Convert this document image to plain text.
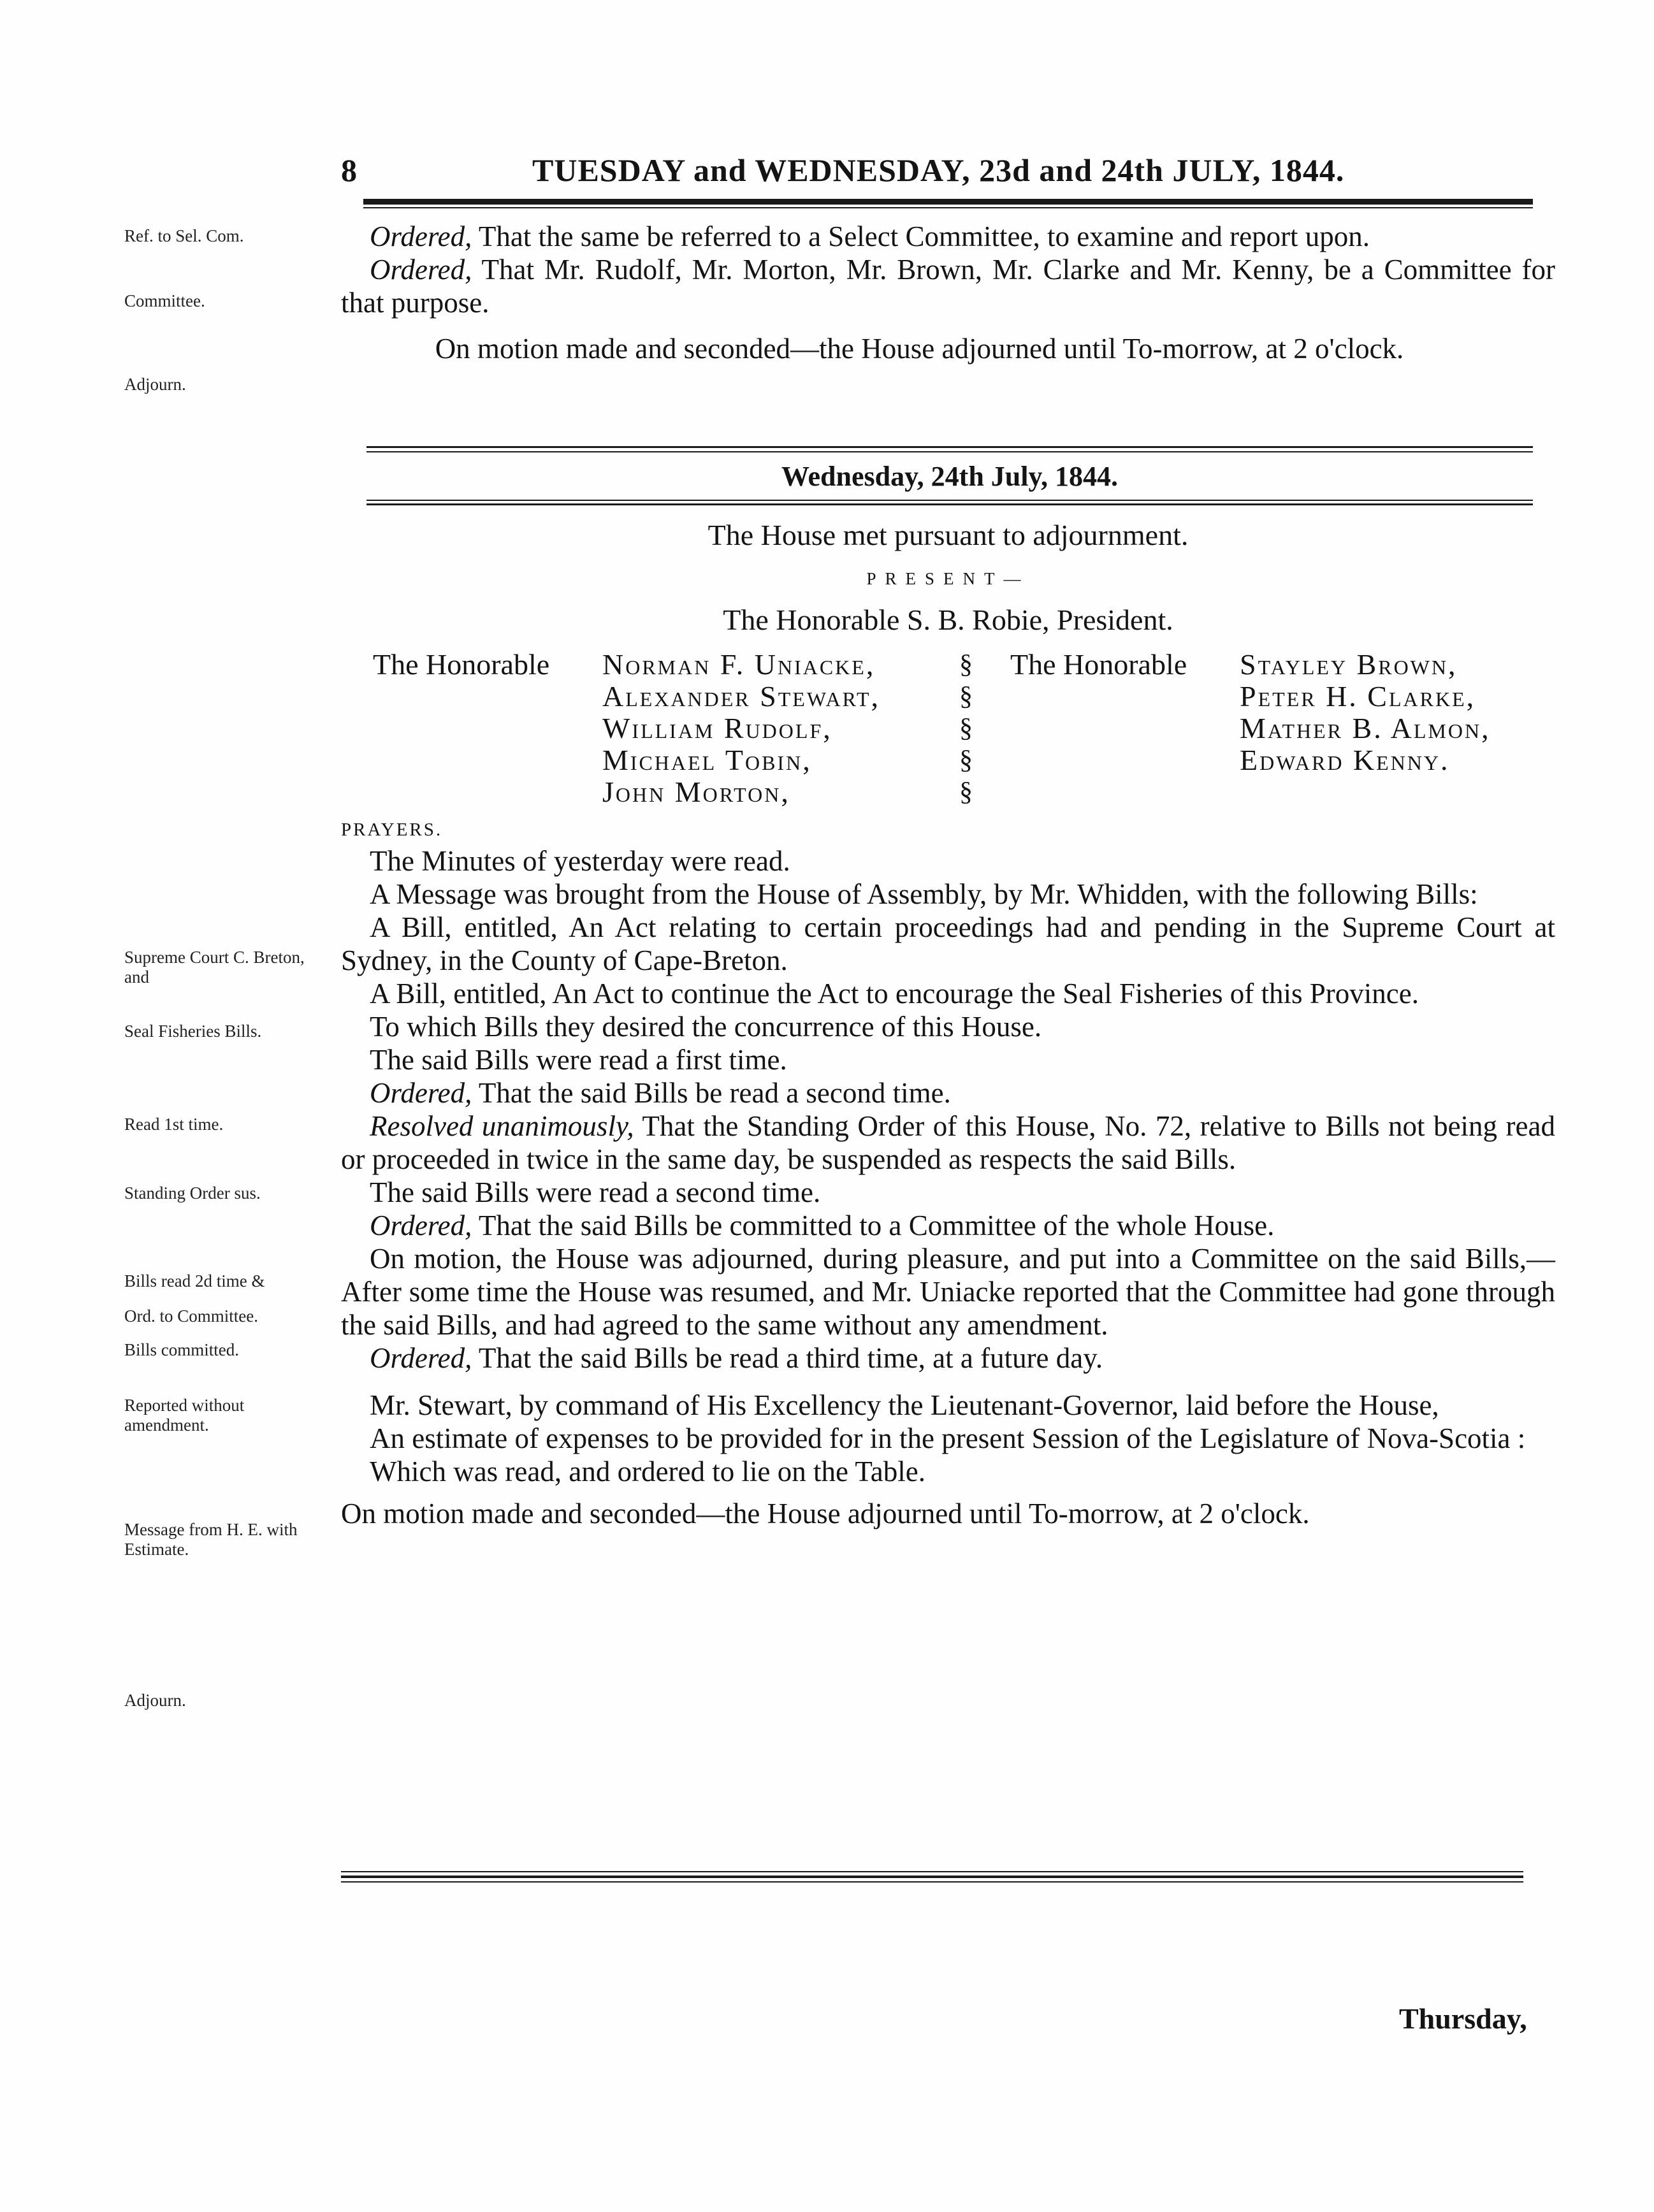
8	TUESDAY and WEDNESDAY, 23d and 24th JULY, 1844.
Ref. to Sel. Com.
Committee.
Adjourn.
Supreme Court C. Breton, and
Seal Fisheries Bills.
Read 1st time.
Standing Order sus.
Bills read 2d time &
Ord. to Committee.
Bills committed.
Reported without amendment.
Message from H. E. with Estimate.
Adjourn.

Ordered, That the same be referred to a Select Committee, to examine and report upon.

Ordered, That Mr. Rudolf, Mr. Morton, Mr. Brown, Mr. Clarke and Mr. Kenny, be a Committee for that purpose.

On motion made and seconded—the House adjourned until To-morrow, at 2 o'clock.

Wednesday, 24th July, 1844.
The House met pursuant to adjournment.
PRESENT—
The Honorable S. B. Robie, President.
The Honorable Norman F. Uniacke,
Alexander Stewart,
William Rudolf,
Michael Tobin,
John Morton,
§
§
§
§
§
The Honorable Stayley Brown,
Peter H. Clarke,
Mather B. Almon,
Edward Kenny.
PRAYERS.

The Minutes of yesterday were read.

A Message was brought from the House of Assembly, by Mr. Whidden, with the following Bills:

A Bill, entitled, An Act relating to certain proceedings had and pending in the Supreme Court at Sydney, in the County of Cape-Breton.

A Bill, entitled, An Act to continue the Act to encourage the Seal Fisheries of this Province.

To which Bills they desired the concurrence of this House.

The said Bills were read a first time.

Ordered, That the said Bills be read a second time.

Resolved unanimously, That the Standing Order of this House, No. 72, relative to Bills not being read or proceeded in twice in the same day, be suspended as respects the said Bills.

The said Bills were read a second time.

Ordered, That the said Bills be committed to a Committee of the whole House.

On motion, the House was adjourned, during pleasure, and put into a Committee on the said Bills,—After some time the House was resumed, and Mr. Uniacke reported that the Committee had gone through the said Bills, and had agreed to the same without any amendment.

Ordered, That the said Bills be read a third time, at a future day.

Mr. Stewart, by command of His Excellency the Lieutenant-Governor, laid before the House,

An estimate of expenses to be provided for in the present Session of the Legislature of Nova-Scotia :

Which was read, and ordered to lie on the Table.

On motion made and seconded—the House adjourned until To-morrow, at 2 o'clock.

Thursday,
